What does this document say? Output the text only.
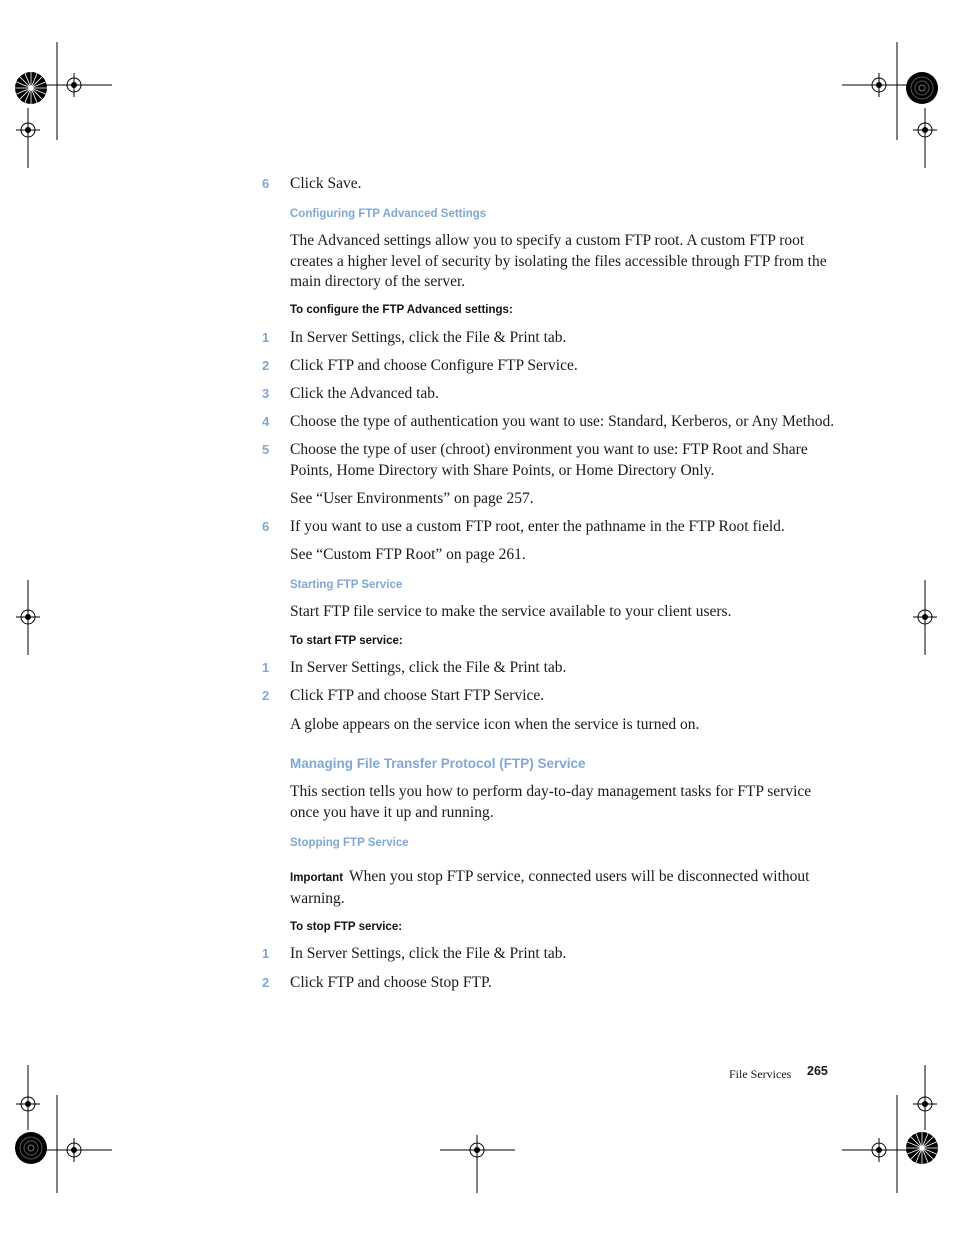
6	Click Save.
Configuring FTP Advanced Settings
The Advanced settings allow you to specify a custom FTP root. A custom FTP root creates a higher level of security by isolating the files accessible through FTP from the main directory of the server.
To configure the FTP Advanced settings:
1	In Server Settings, click the File & Print tab.
2	Click FTP and choose Configure FTP Service.
3	Click the Advanced tab.
4	Choose the type of authentication you want to use: Standard, Kerberos, or Any Method.
5	Choose the type of user (chroot) environment you want to use: FTP Root and Share Points, Home Directory with Share Points, or Home Directory Only.
See “User Environments” on page 257.
6	If you want to use a custom FTP root, enter the pathname in the FTP Root field.
See “Custom FTP Root” on page 261.
Starting FTP Service
Start FTP file service to make the service available to your client users.
To start FTP service:
1	In Server Settings, click the File & Print tab.
2	Click FTP and choose Start FTP Service.
A globe appears on the service icon when the service is turned on.
Managing File Transfer Protocol (FTP) Service
This section tells you how to perform day-to-day management tasks for FTP service once you have it up and running.
Stopping FTP Service
Important When you stop FTP service, connected users will be disconnected without warning.
To stop FTP service:
1	In Server Settings, click the File & Print tab.
2	Click FTP and choose Stop FTP.
File Services 265
